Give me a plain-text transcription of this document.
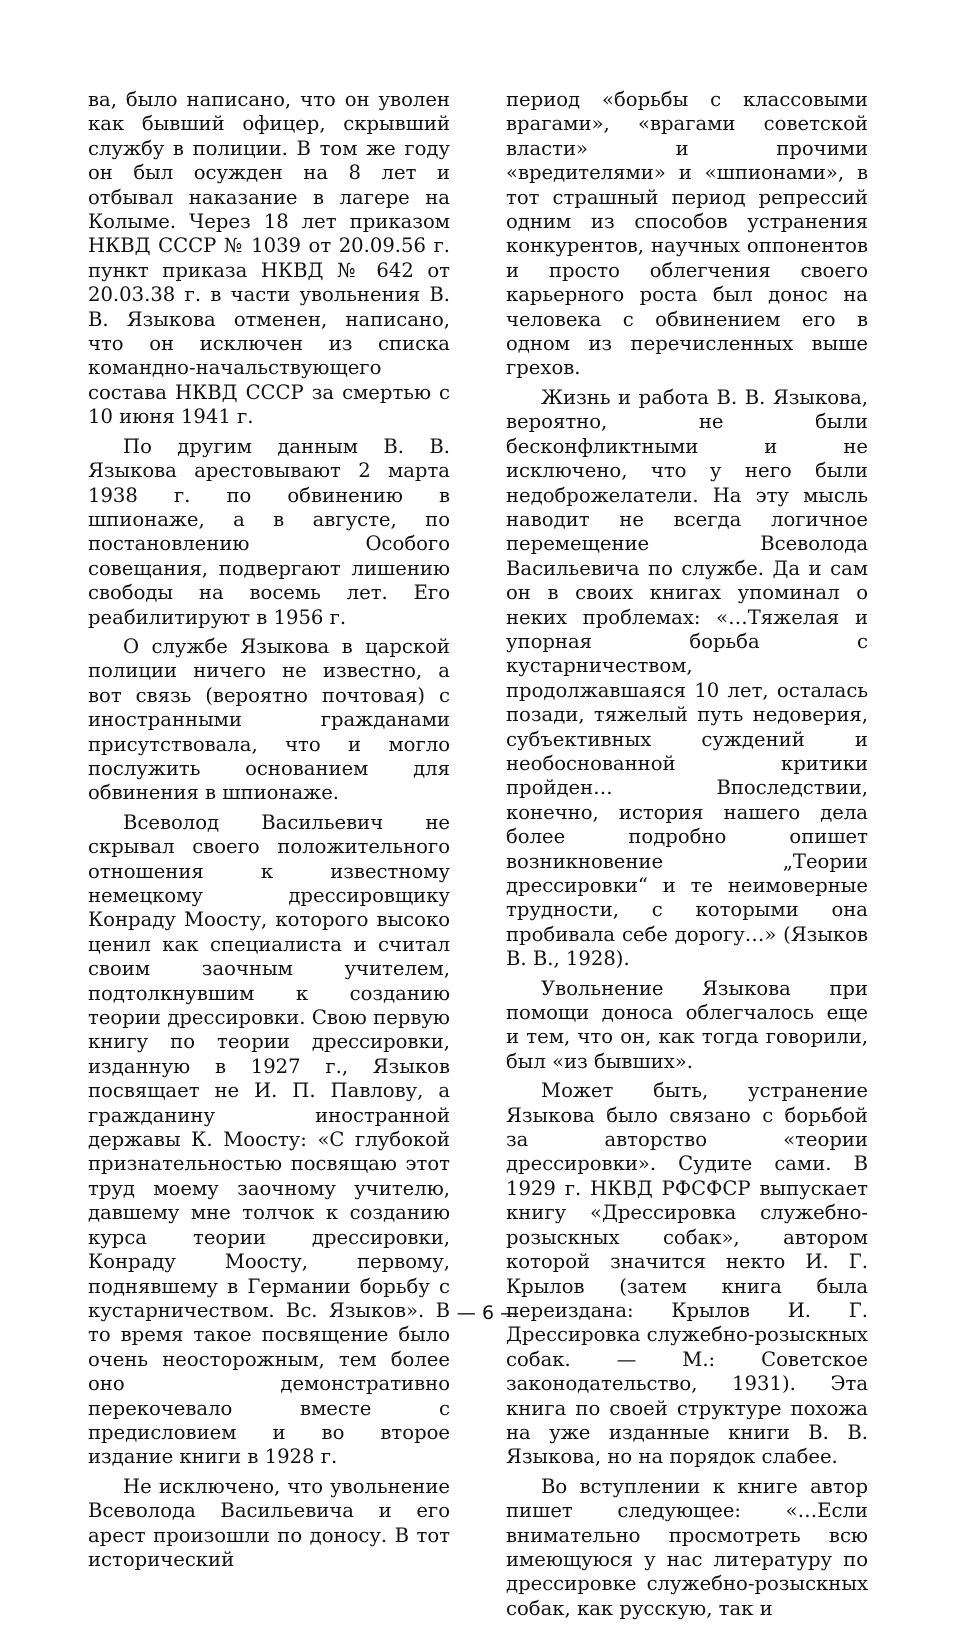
ва, было написано, что он уволен как бывший офицер, скрывший службу в полиции. В том же году он был осужден на 8 лет и отбывал наказание в лагере на Колыме. Через 18 лет приказом НКВД СССР № 1039 от 20.09.56 г. пункт приказа НКВД № 642 от 20.03.38 г. в части увольнения В. В. Языкова отменен, написано, что он исключен из списка командно-начальствующего состава НКВД СССР за смертью с 10 июня 1941 г.

По другим данным В. В. Языкова арестовывают 2 марта 1938 г. по обвинению в шпионаже, а в августе, по постановлению Особого совещания, подвергают лишению свободы на восемь лет. Его реабилитируют в 1956 г.

О службе Языкова в царской полиции ничего не известно, а вот связь (вероятно почтовая) с иностранными гражданами присутствовала, что и могло послужить основанием для обвинения в шпионаже.

Всеволод Васильевич не скрывал своего положительного отношения к известному немецкому дрессировщику Конраду Моосту, которого высоко ценил как специалиста и считал своим заочным учителем, подтолкнувшим к созданию теории дрессировки. Свою первую книгу по теории дрессировки, изданную в 1927 г., Языков посвящает не И. П. Павлову, а гражданину иностранной державы К. Моосту: «С глубокой признательностью посвящаю этот труд моему заочному учителю, давшему мне толчок к созданию курса теории дрессировки, Конраду Моосту, первому, поднявшему в Германии борьбу с кустарничеством. Вс. Языков». В то время такое посвящение было очень неосторожным, тем более оно демонстративно перекочевало вместе с предисловием и во второе издание книги в 1928 г.

Не исключено, что увольнение Всеволода Васильевича и его арест произошли по доносу. В тот исторический

период «борьбы с классовыми врагами», «врагами советской власти» и прочими «вредителями» и «шпионами», в тот страшный период репрессий одним из способов устранения конкурентов, научных оппонентов и просто облегчения своего карьерного роста был донос на человека с обвинением его в одном из перечисленных выше грехов.

Жизнь и работа В. В. Языкова, вероятно, не были бесконфликтными и не исключено, что у него были недоброжелатели. На эту мысль наводит не всегда логичное перемещение Всеволода Васильевича по службе. Да и сам он в своих книгах упоминал о неких проблемах: «…Тяжелая и упорная борьба с кустарничеством, продолжавшаяся 10 лет, осталась позади, тяжелый путь недоверия, субъективных суждений и необоснованной критики пройден… Впоследствии, конечно, история нашего дела более подробно опишет возникновение „Теории дрессировки“ и те неимоверные трудности, с которыми она пробивала себе дорогу…» (Языков В. В., 1928).

Увольнение Языкова при помощи доноса облегчалось еще и тем, что он, как тогда говорили, был «из бывших».

Может быть, устранение Языкова было связано с борьбой за авторство «теории дрессировки». Судите сами. В 1929 г. НКВД РФСФСР выпускает книгу «Дрессировка служебно-розыскных собак», автором которой значится некто И. Г. Крылов (затем книга была переиздана: Крылов И. Г. Дрессировка служебно-розыскных собак. — М.: Советское законодательство, 1931). Эта книга по своей структуре похожа на уже изданные книги В. В. Языкова, но на порядок слабее.

Во вступлении к книге автор пишет следующее: «…Если внимательно просмотреть всю имеющуюся у нас литературу по дрессировке служебно-розыскных собак, как русскую, так и

— 6 —
